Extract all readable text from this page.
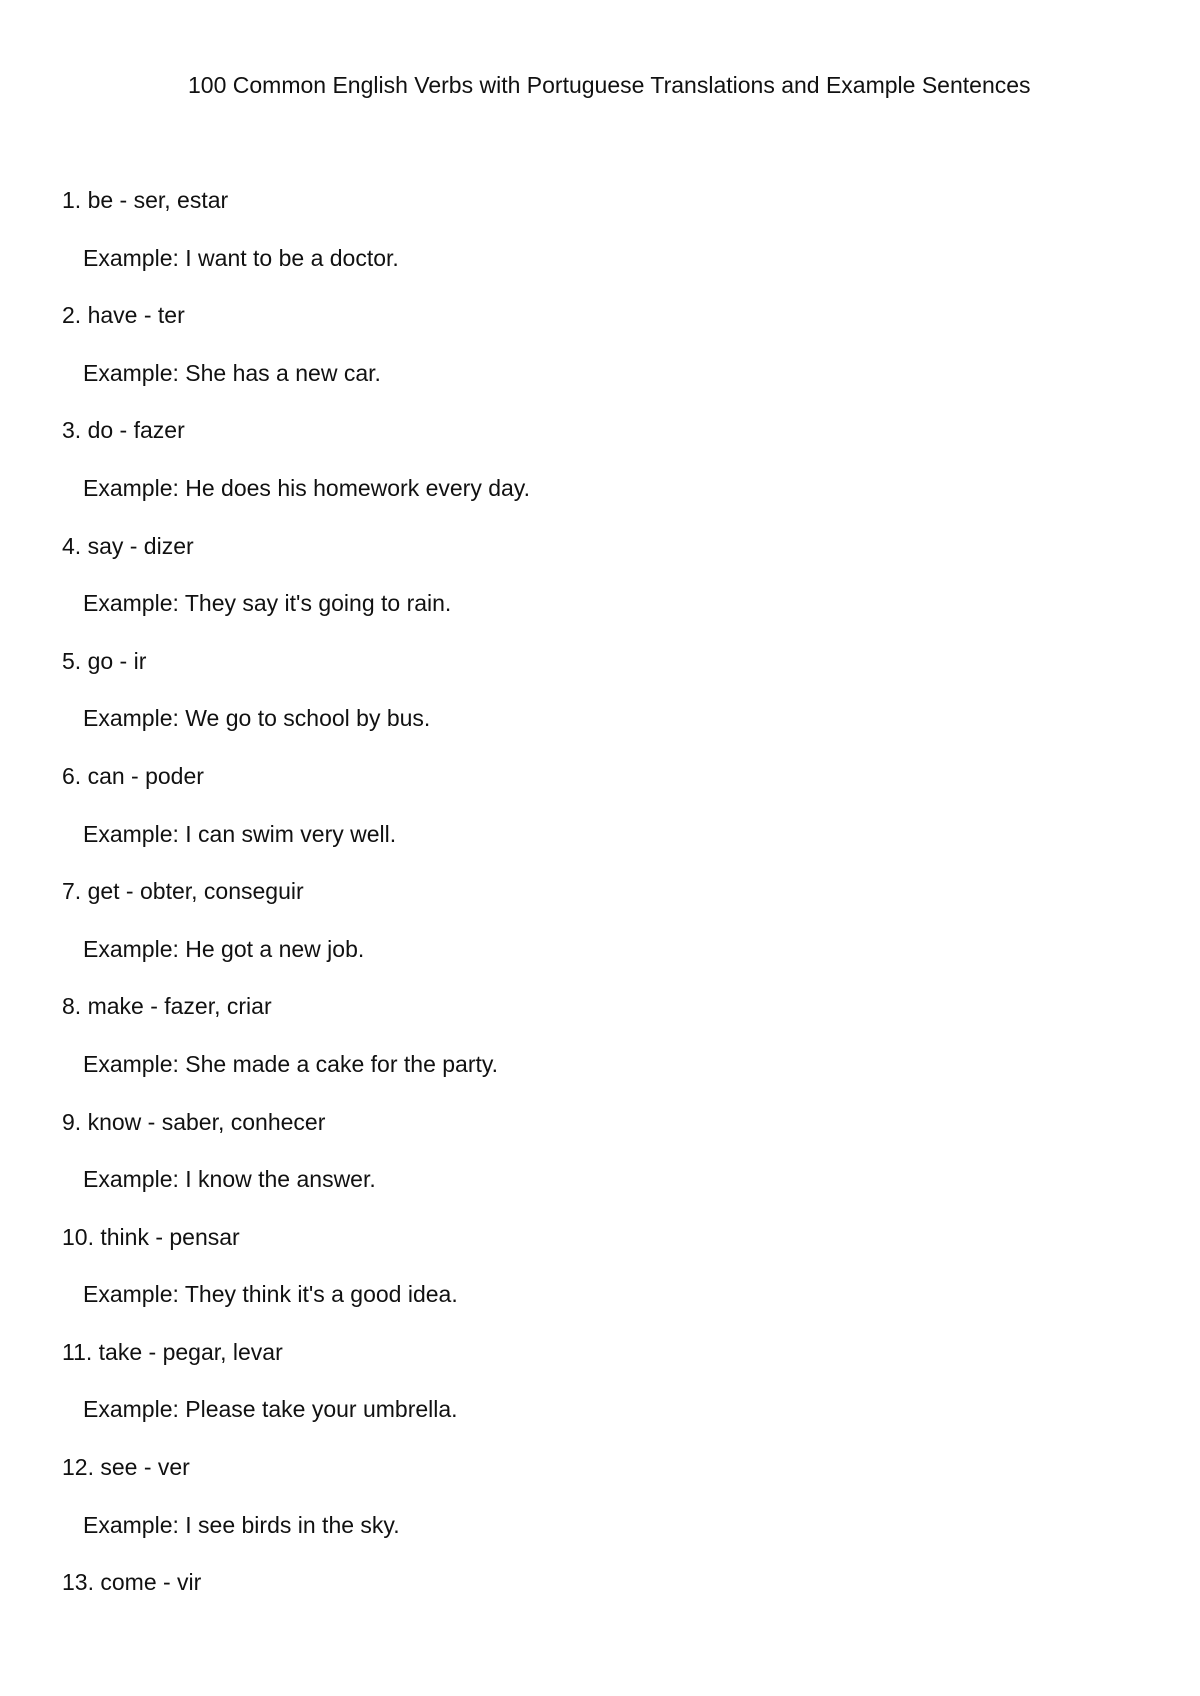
100 Common English Verbs with Portuguese Translations and Example Sentences
1. be - ser, estar
Example: I want to be a doctor.
2. have - ter
Example: She has a new car.
3. do - fazer
Example: He does his homework every day.
4. say - dizer
Example: They say it's going to rain.
5. go - ir
Example: We go to school by bus.
6. can - poder
Example: I can swim very well.
7. get - obter, conseguir
Example: He got a new job.
8. make - fazer, criar
Example: She made a cake for the party.
9. know - saber, conhecer
Example: I know the answer.
10. think - pensar
Example: They think it's a good idea.
11. take - pegar, levar
Example: Please take your umbrella.
12. see - ver
Example: I see birds in the sky.
13. come - vir
